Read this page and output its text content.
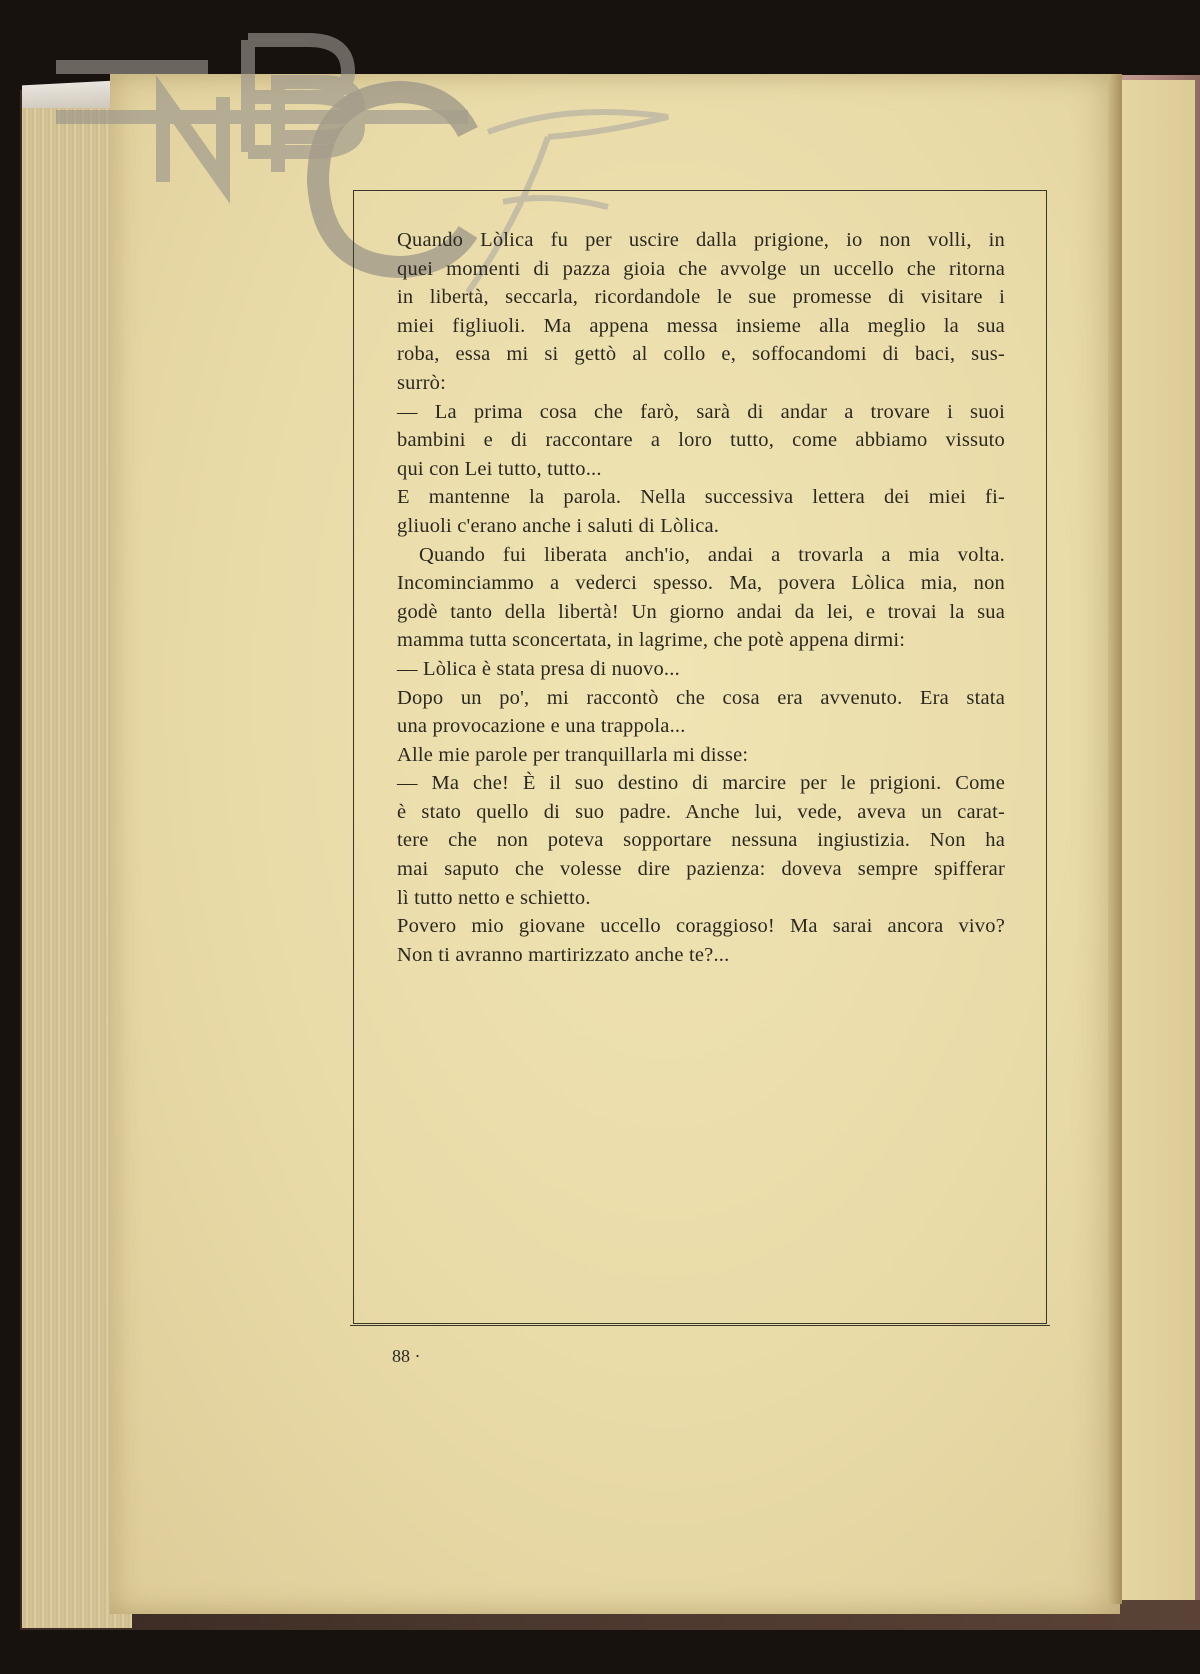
Quando Lòlica fu per uscire dalla prigione, io non volli, in

quei momenti di pazza gioia che avvolge un uccello che ritorna

in libertà, seccarla, ricordandole le sue promesse di visitare i

miei figliuoli. Ma appena messa insieme alla meglio la sua

roba, essa mi si gettò al collo e, soffocandomi di baci, sus-

surrò:

— La prima cosa che farò, sarà di andar a trovare i suoi

bambini e di raccontare a loro tutto, come abbiamo vissuto

qui con Lei tutto, tutto...

E mantenne la parola. Nella successiva lettera dei miei fi-

gliuoli c'erano anche i saluti di Lòlica.

Quando fui liberata anch'io, andai a trovarla a mia volta.

Incominciammo a vederci spesso. Ma, povera Lòlica mia, non

godè tanto della libertà! Un giorno andai da lei, e trovai la sua

mamma tutta sconcertata, in lagrime, che potè appena dirmi:

— Lòlica è stata presa di nuovo...

Dopo un po', mi raccontò che cosa era avvenuto. Era stata

una provocazione e una trappola...

Alle mie parole per tranquillarla mi disse:

— Ma che! È il suo destino di marcire per le prigioni. Come

è stato quello di suo padre. Anche lui, vede, aveva un carat-

tere che non poteva sopportare nessuna ingiustizia. Non ha

mai saputo che volesse dire pazienza: doveva sempre spifferar

lì tutto netto e schietto.

Povero mio giovane uccello coraggioso! Ma sarai ancora vivo?

Non ti avranno martirizzato anche te?...

88 ·
